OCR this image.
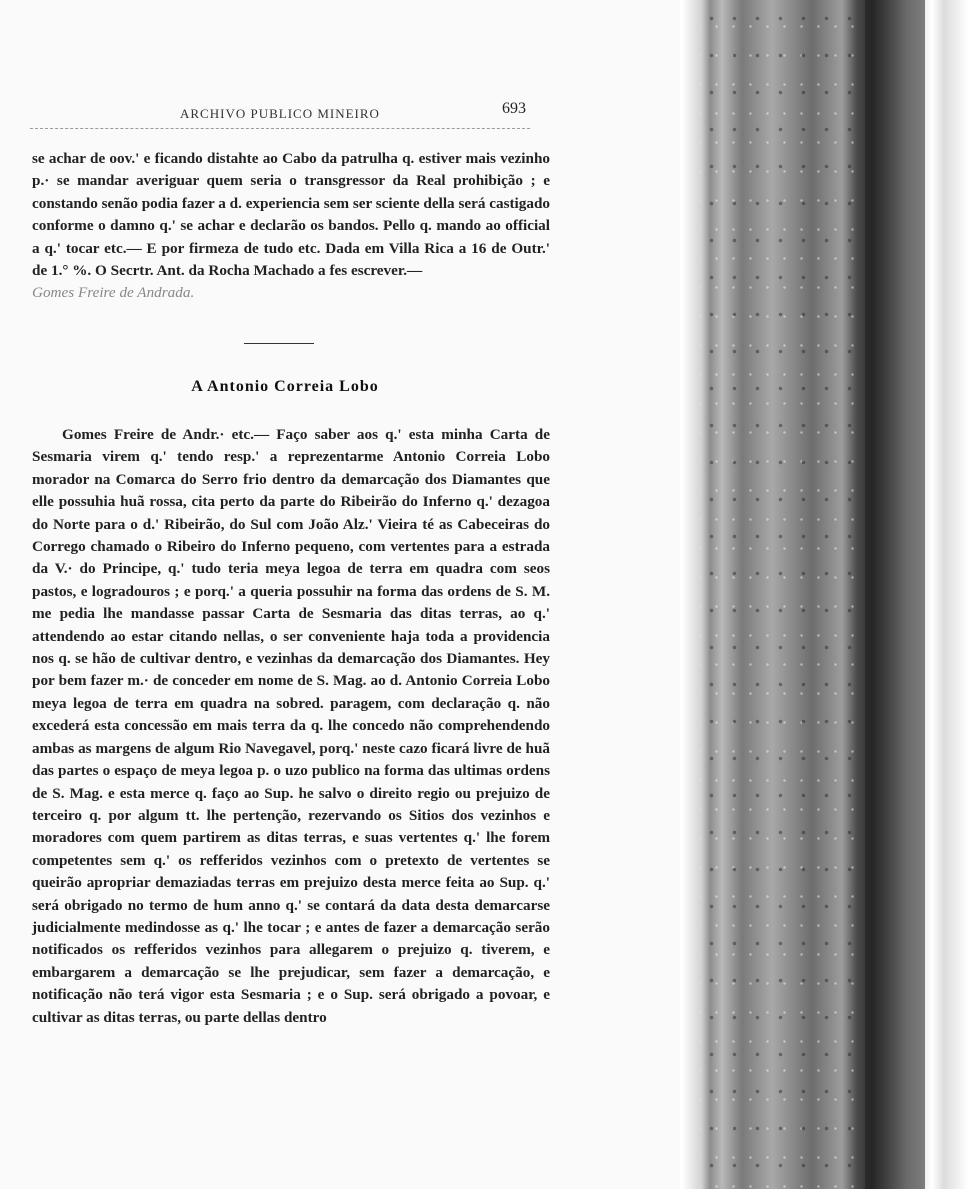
ARCHIVO PUBLICO MINEIRO	693

se achar de oov.' e ficando distahte ao Cabo da patrulha q. estiver mais vezinho p.· se mandar averiguar quem seria o transgressor da Real prohibição ; e constando senão podia fazer a d. experiencia sem ser sciente della será castigado conforme o damno q.' se achar e declarão os bandos. Pello q. mando ao official a q.' tocar etc.— E por firmeza de tudo etc. Dada em Villa Rica a 16 de Outr.' de 1.° %. O Secrtr. Ant. da Rocha Machado a fes escrever.—

Gomes Freire de Andrada.

A Antonio Correia Lobo

Gomes Freire de Andr.· etc.— Faço saber aos q.' esta minha Carta de Sesmaria virem q.' tendo resp.' a reprezentarme Antonio Correia Lobo morador na Comarca do Serro frio dentro da demarcação dos Diamantes que elle possuhia huã rossa, cita perto da parte do Ribeirão do Inferno q.' dezagoa do Norte para o d.' Ribeirão, do Sul com João Alz.' Vieira té as Cabeceiras do Corrego chamado o Ribeiro do Inferno pequeno, com vertentes para a estrada da V.· do Principe, q.' tudo teria meya legoa de terra em quadra com seos pastos, e logradouros ; e porq.' a queria possuhir na forma das ordens de S. M. me pedia lhe mandasse passar Carta de Sesmaria das ditas terras, ao q.' attendendo ao estar citando nellas, o ser conveniente haja toda a providencia nos q. se hão de cultivar dentro, e vezinhas da demarcação dos Diamantes. Hey por bem fazer m.· de conceder em nome de S. Mag. ao d. Antonio Correia Lobo meya legoa de terra em quadra na sobred. paragem, com declaração q. não excederá esta concessão em mais terra da q. lhe concedo não comprehendendo ambas as margens de algum Rio Navegavel, porq.' neste cazo ficará livre de huã das partes o espaço de meya legoa p. o uzo publico na forma das ultimas ordens de S. Mag. e esta merce q. faço ao Sup. he salvo o direito regio ou prejuizo de terceiro q. por algum tt. lhe pertenção, rezervando os Sitios dos vezinhos e moradores com quem partirem as ditas terras, e suas vertentes q.' lhe forem competentes sem q.' os refferidos vezinhos com o pretexto de vertentes se queirão apropriar demaziadas terras em prejuizo desta merce feita ao Sup. q.' será obrigado no termo de hum anno q.' se contará da data desta demarcarse judicialmente medindosse as q.' lhe tocar ; e antes de fazer a demarcação serão notificados os refferidos vezinhos para allegarem o prejuizo q. tiverem, e embargarem a demarcação se lhe prejudicar, sem fazer a demarcação, e notificação não terá vigor esta Sesmaria ; e o Sup. será obrigado a povoar, e cultivar as ditas terras, ou parte dellas dentro
